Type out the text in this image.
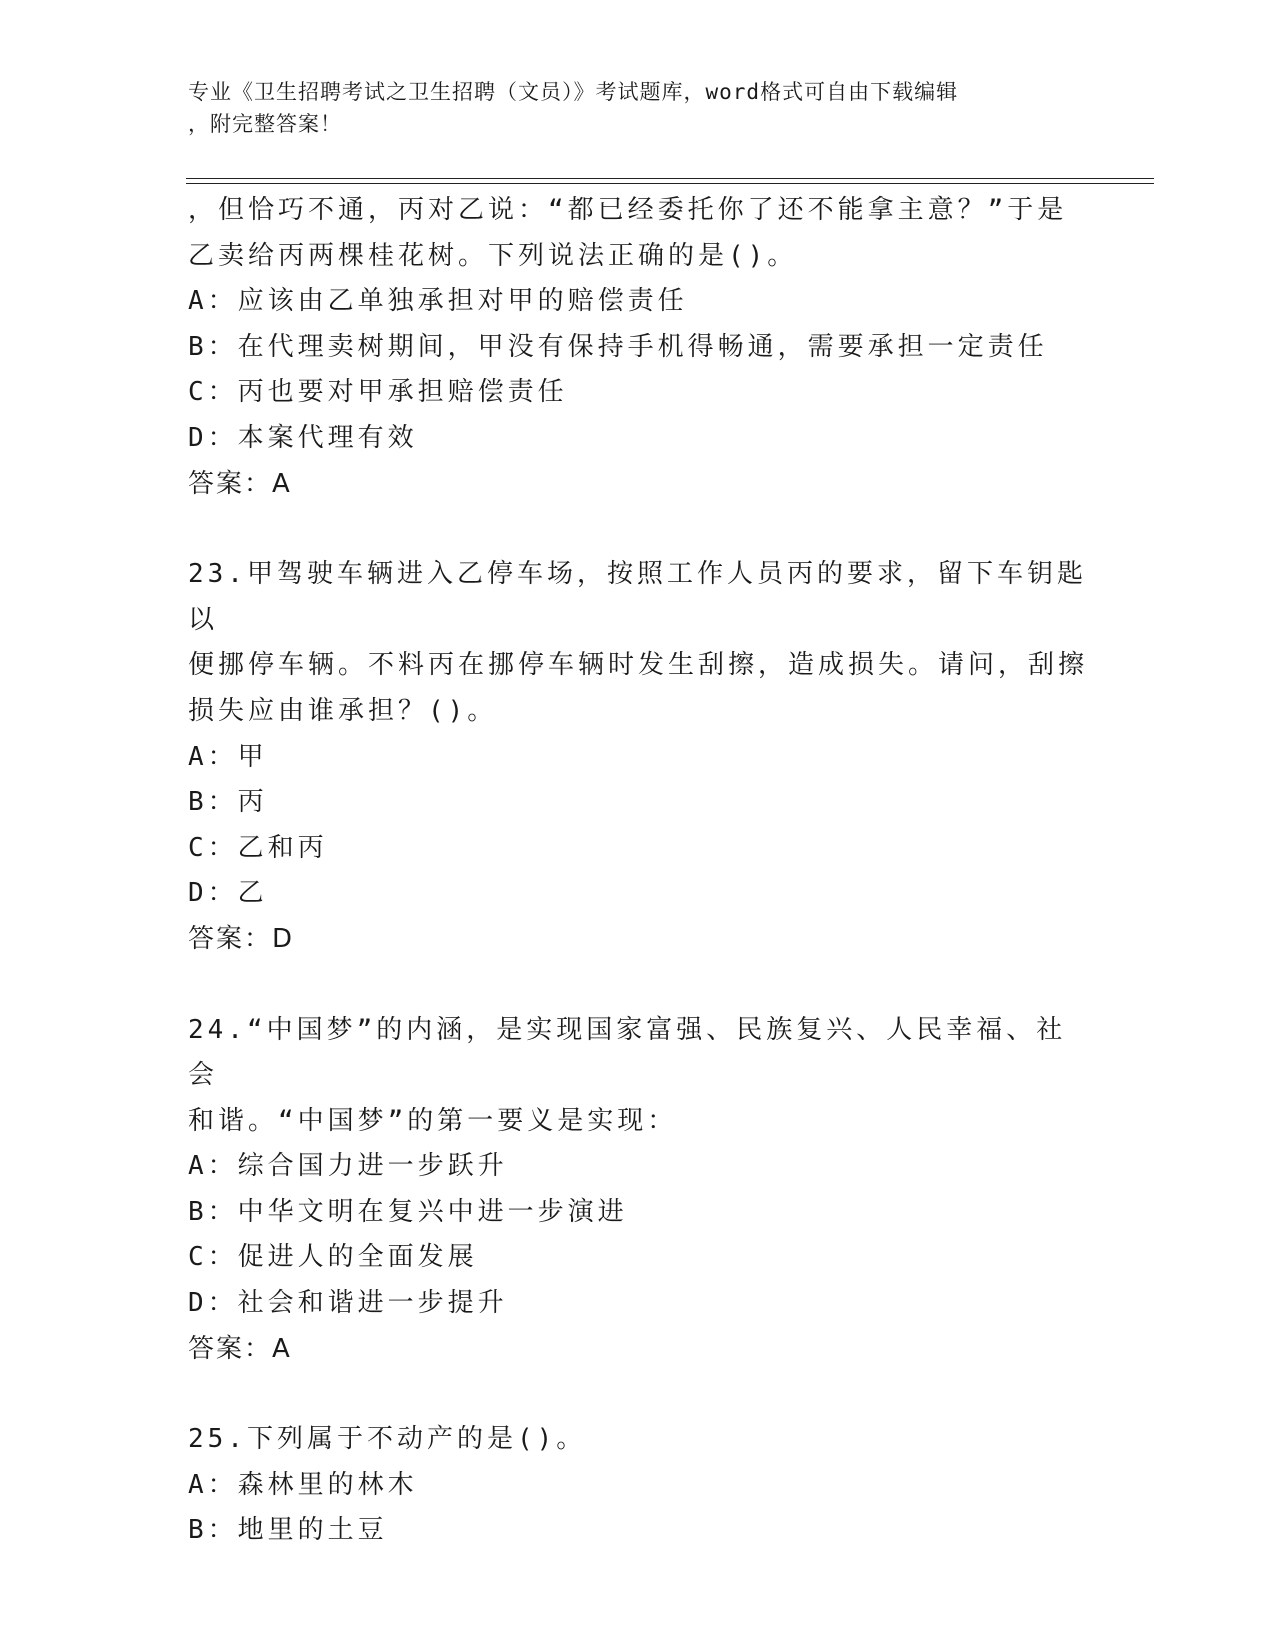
专业《卫生招聘考试之卫生招聘（文员）》考试题库，word格式可自由下载编辑
，附完整答案！

，但恰巧不通，丙对乙说：“都已经委托你了还不能拿主意？”于是

乙卖给丙两棵桂花树。下列说法正确的是()。

A：应该由乙单独承担对甲的赔偿责任

B：在代理卖树期间，甲没有保持手机得畅通，需要承担一定责任

C：丙也要对甲承担赔偿责任

D：本案代理有效

答案：A

23.甲驾驶车辆进入乙停车场，按照工作人员丙的要求，留下车钥匙以

便挪停车辆。不料丙在挪停车辆时发生刮擦，造成损失。请问，刮擦

损失应由谁承担？()。

A：甲

B：丙

C：乙和丙

D：乙

答案：D

24.“中国梦”的内涵，是实现国家富强、民族复兴、人民幸福、社会

和谐。“中国梦”的第一要义是实现：

A：综合国力进一步跃升

B：中华文明在复兴中进一步演进

C：促进人的全面发展

D：社会和谐进一步提升

答案：A

25.下列属于不动产的是()。

A：森林里的林木

B：地里的土豆
